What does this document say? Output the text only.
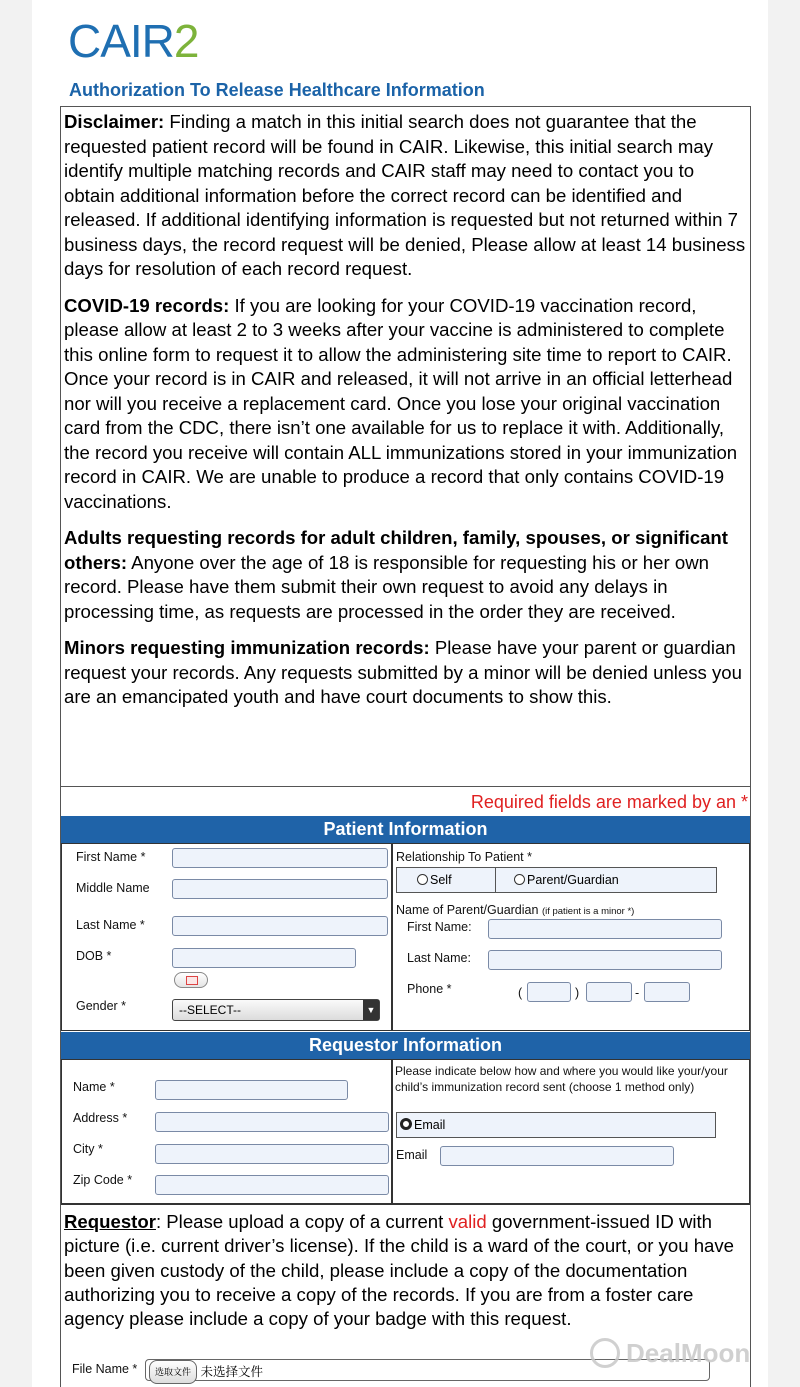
CAIR2
Authorization To Release Healthcare Information

Disclaimer: Finding a match in this initial search does not guarantee that the requested patient record will be found in CAIR. Likewise, this initial search may identify multiple matching records and CAIR staff may need to contact you to obtain additional information before the correct record can be identified and released. If additional identifying information is requested but not returned within 7 business days, the record request will be denied, Please allow at least 14 business days for resolution of each record request.

COVID-19 records: If you are looking for your COVID-19 vaccination record, please allow at least 2 to 3 weeks after your vaccine is administered to complete this online form to request it to allow the administering site time to report to CAIR. Once your record is in CAIR and released, it will not arrive in an official letterhead nor will you receive a replacement card. Once you lose your original vaccination card from the CDC, there isn’t one available for us to replace it with. Additionally, the record you receive will contain ALL immunizations stored in your immunization record in CAIR. We are unable to produce a record that only contains COVID-19 vaccinations.

Adults requesting records for adult children, family, spouses, or significant others: Anyone over the age of 18 is responsible for requesting his or her own record. Please have them submit their own request to avoid any delays in processing time, as requests are processed in the order they are received.

Minors requesting immunization records: Please have your parent or guardian request your records. Any requests submitted by a minor will be denied unless you are an emancipated youth and have court documents to show this.

Required fields are marked by an *
Patient Information
First Name *
Middle Name
Last Name *
DOB *
Gender *	--SELECT--	▼
Relationship To Patient *
Self	Parent/Guardian
Name of Parent/Guardian (if patient is a minor *)
First Name:
Last Name:
Phone *	(	)	-
Requestor Information
Name *
Address *
City *
Zip Code *
Please indicate below how and where you would like your/your child’s immunization record sent (choose 1 method only)
Email
Email
Requestor: Please upload a copy of a current valid government-issued ID with picture (i.e. current driver’s license). If the child is a ward of the court, or you have been given custody of the child, please include a copy of the documentation authorizing you to receive a copy of the records. If you are from a foster care agency please include a copy of your badge with this request.
File Name *	选取文件 未选择文件
DealMoon
